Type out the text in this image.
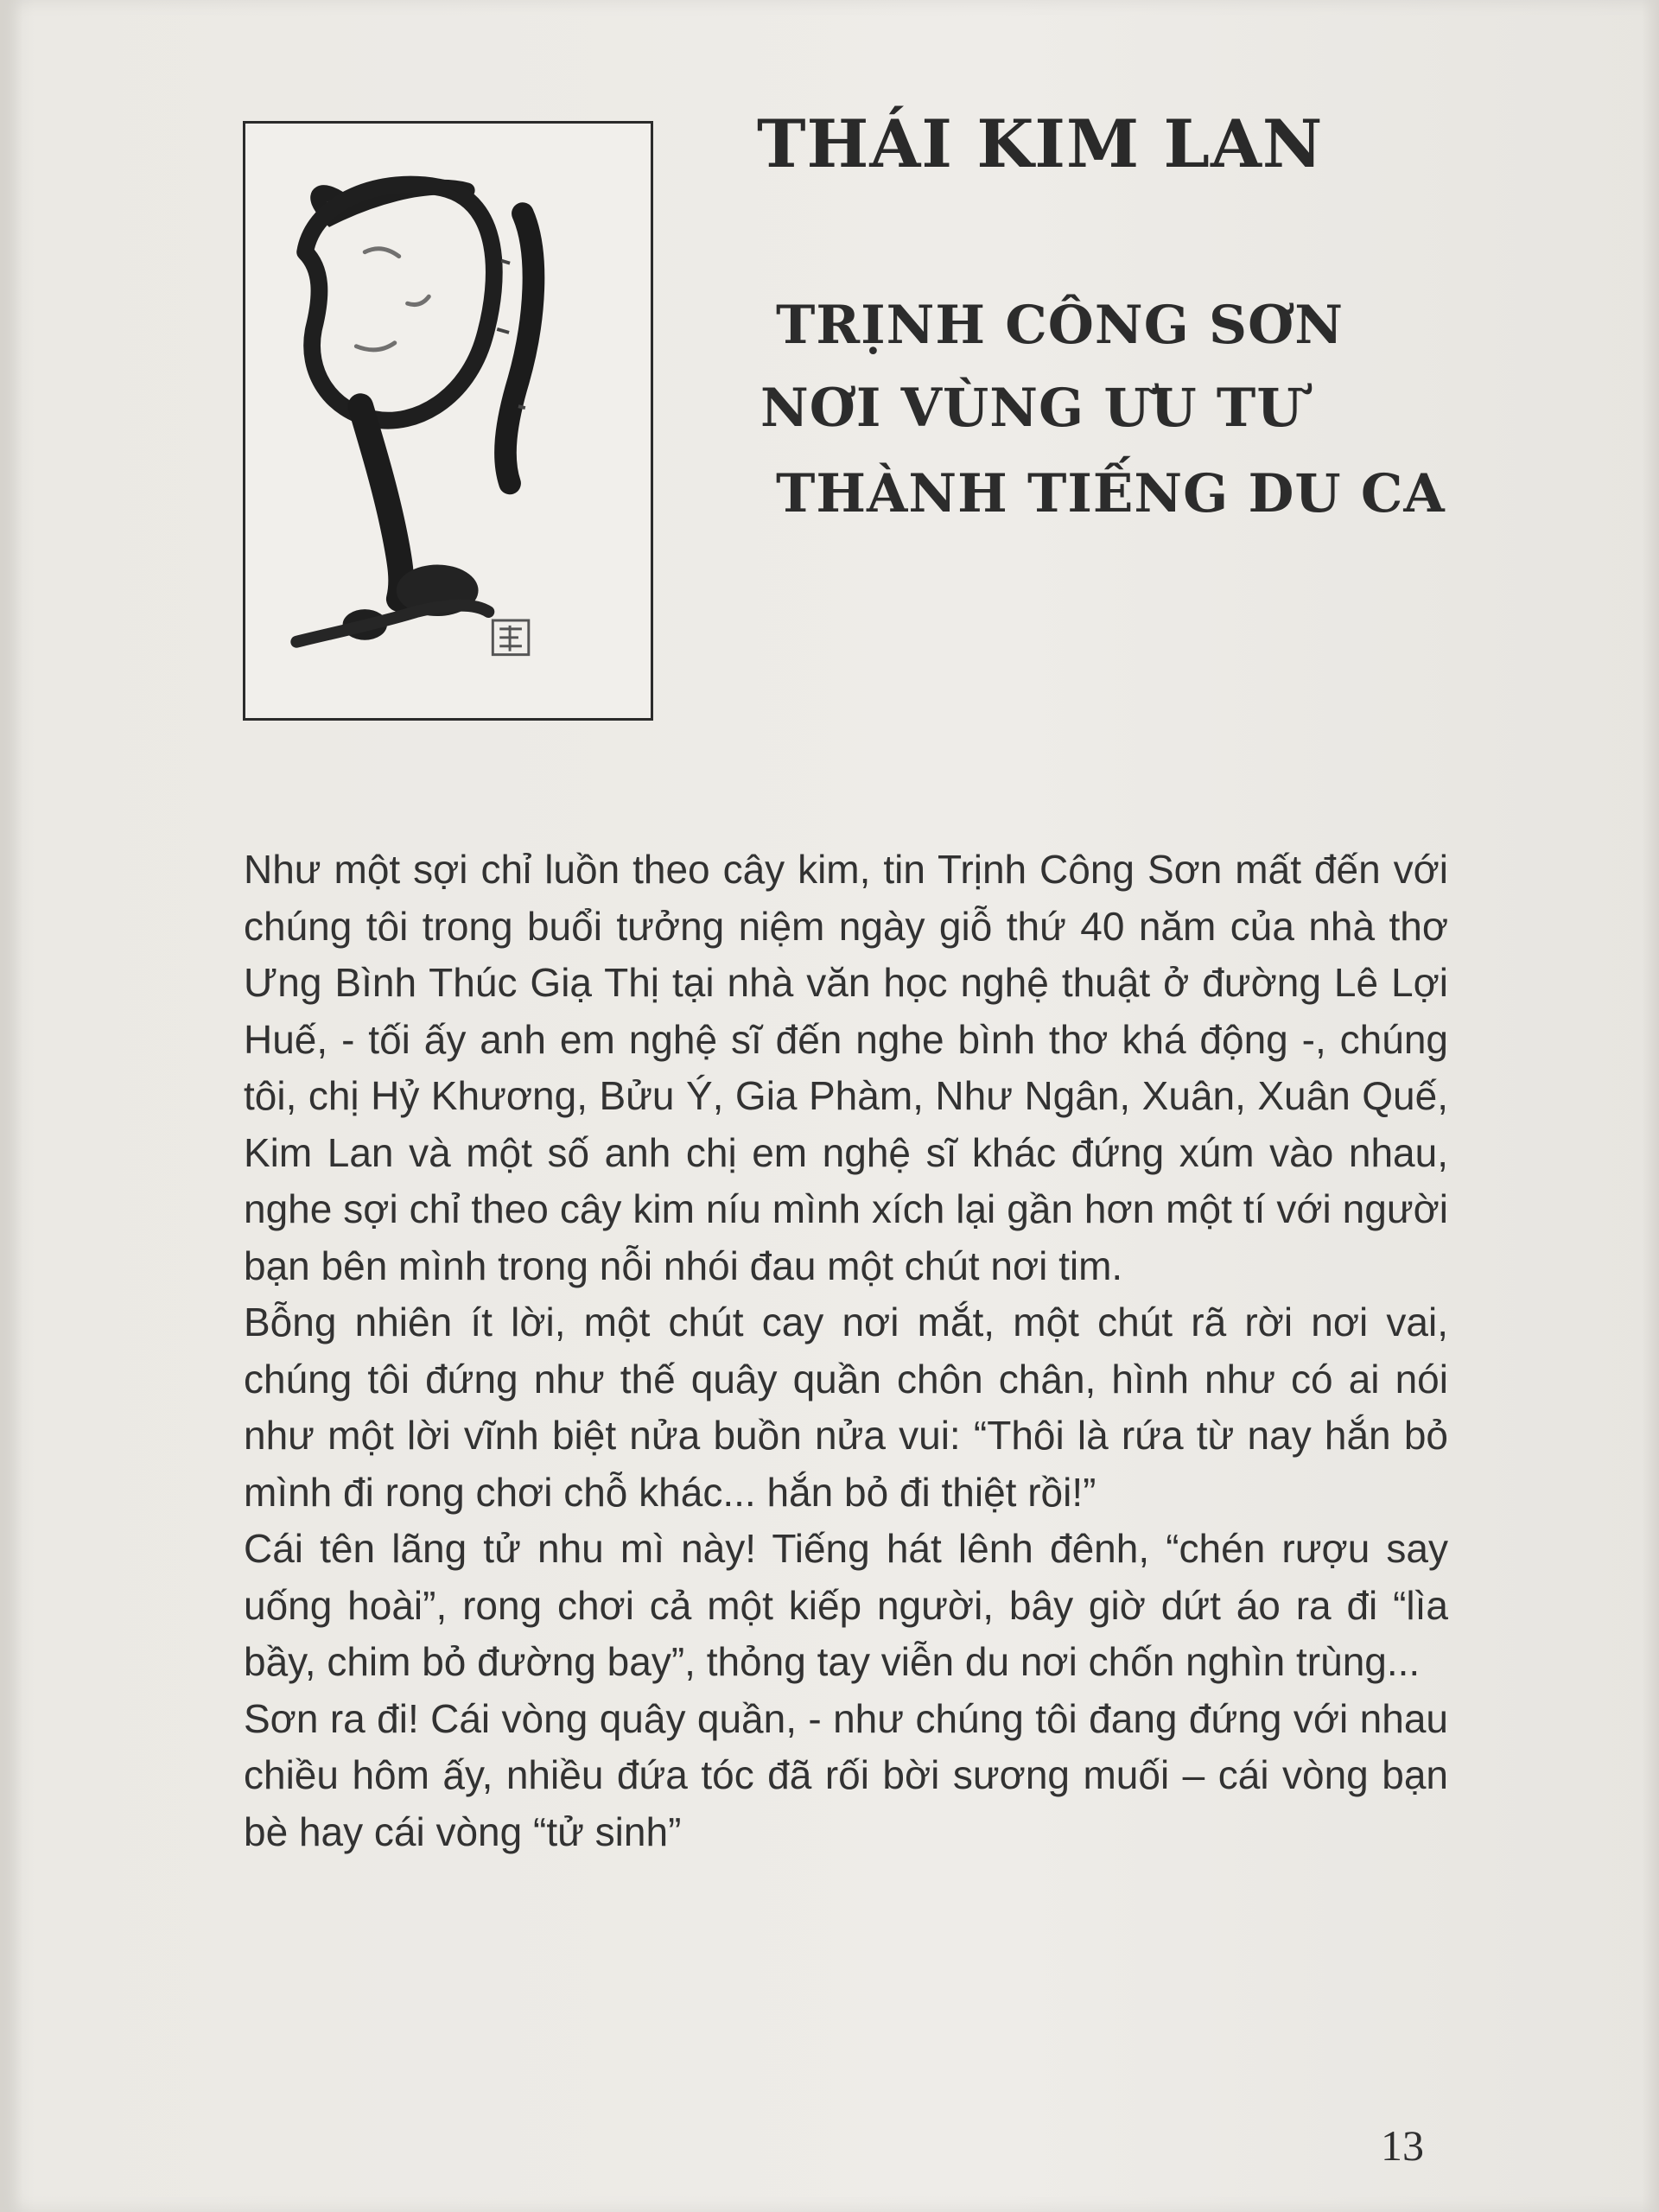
THÁI KIM LAN
TRỊNH CÔNG SƠN
NƠI VÙNG ƯU TƯ
THÀNH TIẾNG DU CA

Như một sợi chỉ luồn theo cây kim, tin Trịnh Công Sơn mất đến với chúng tôi trong buổi tưởng niệm ngày giỗ thứ 40 năm của nhà thơ Ưng Bình Thúc Giạ Thị tại nhà văn học nghệ thuật ở đường Lê Lợi Huế, - tối ấy anh em nghệ sĩ đến nghe bình thơ khá động -, chúng tôi, chị Hỷ Khương, Bửu Ý, Gia Phàm, Như Ngân, Xuân, Xuân Quế, Kim Lan và một số anh chị em nghệ sĩ khác đứng xúm vào nhau, nghe sợi chỉ theo cây kim níu mình xích lại gần hơn một tí với người bạn bên mình trong nỗi nhói đau một chút nơi tim.

Bỗng nhiên ít lời, một chút cay nơi mắt, một chút rã rời nơi vai, chúng tôi đứng như thế quây quần chôn chân, hình như có ai nói như một lời vĩnh biệt nửa buồn nửa vui: “Thôi là rứa từ nay hắn bỏ mình đi rong chơi chỗ khác... hắn bỏ đi thiệt rồi!”

Cái tên lãng tử nhu mì này! Tiếng hát lênh đênh, “chén rượu say uống hoài”, rong chơi cả một kiếp người, bây giờ dứt áo ra đi “lìa bầy, chim bỏ đường bay”, thỏng tay viễn du nơi chốn nghìn trùng...

Sơn ra đi! Cái vòng quây quần, - như chúng tôi đang đứng với nhau chiều hôm ấy, nhiều đứa tóc đã rối bời sương muối – cái vòng bạn bè hay cái vòng “tử sinh”

13
